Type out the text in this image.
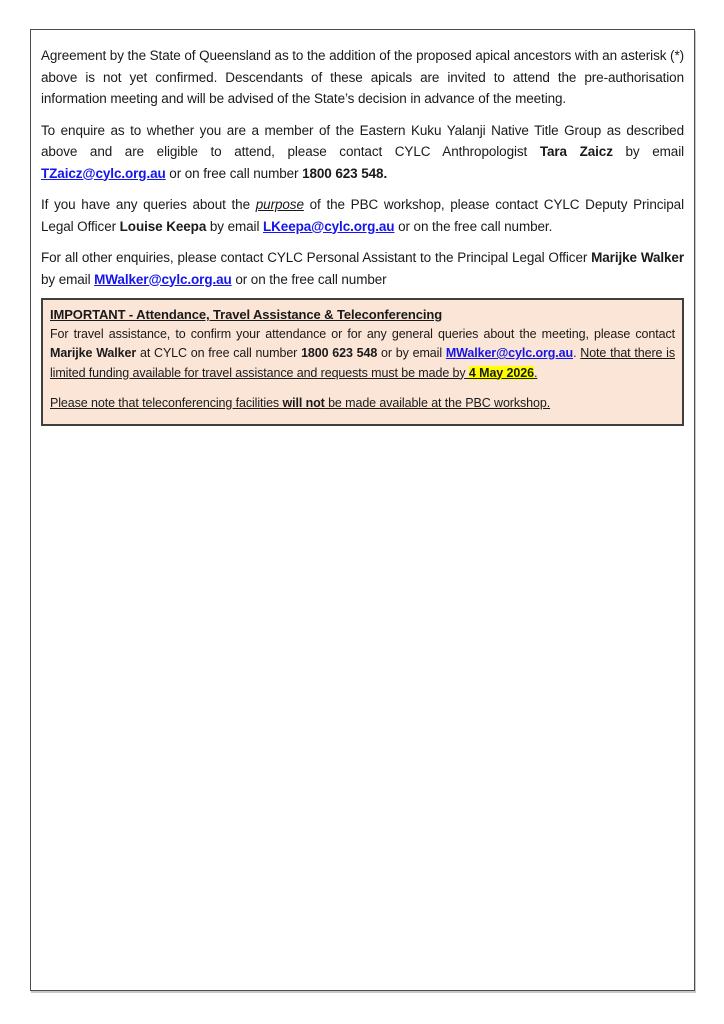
Agreement by the State of Queensland as to the addition of the proposed apical ancestors with an asterisk (*) above is not yet confirmed. Descendants of these apicals are invited to attend the pre-authorisation information meeting and will be advised of the State’s decision in advance of the meeting.

To enquire as to whether you are a member of the Eastern Kuku Yalanji Native Title Group as described above and are eligible to attend, please contact CYLC Anthropologist Tara Zaicz by email TZaicz@cylc.org.au or on free call number 1800 623 548.

If you have any queries about the purpose of the PBC workshop, please contact CYLC Deputy Principal Legal Officer Louise Keepa by email LKeepa@cylc.org.au or on the free call number.

For all other enquiries, please contact CYLC Personal Assistant to the Principal Legal Officer Marijke Walker by email MWalker@cylc.org.au or on the free call number

IMPORTANT - Attendance, Travel Assistance & Teleconferencing

For travel assistance, to confirm your attendance or for any general queries about the meeting, please contact Marijke Walker at CYLC on free call number 1800 623 548 or by email MWalker@cylc.org.au. Note that there is limited funding available for travel assistance and requests must be made by 4 May 2026.

Please note that teleconferencing facilities will not be made available at the PBC workshop.
